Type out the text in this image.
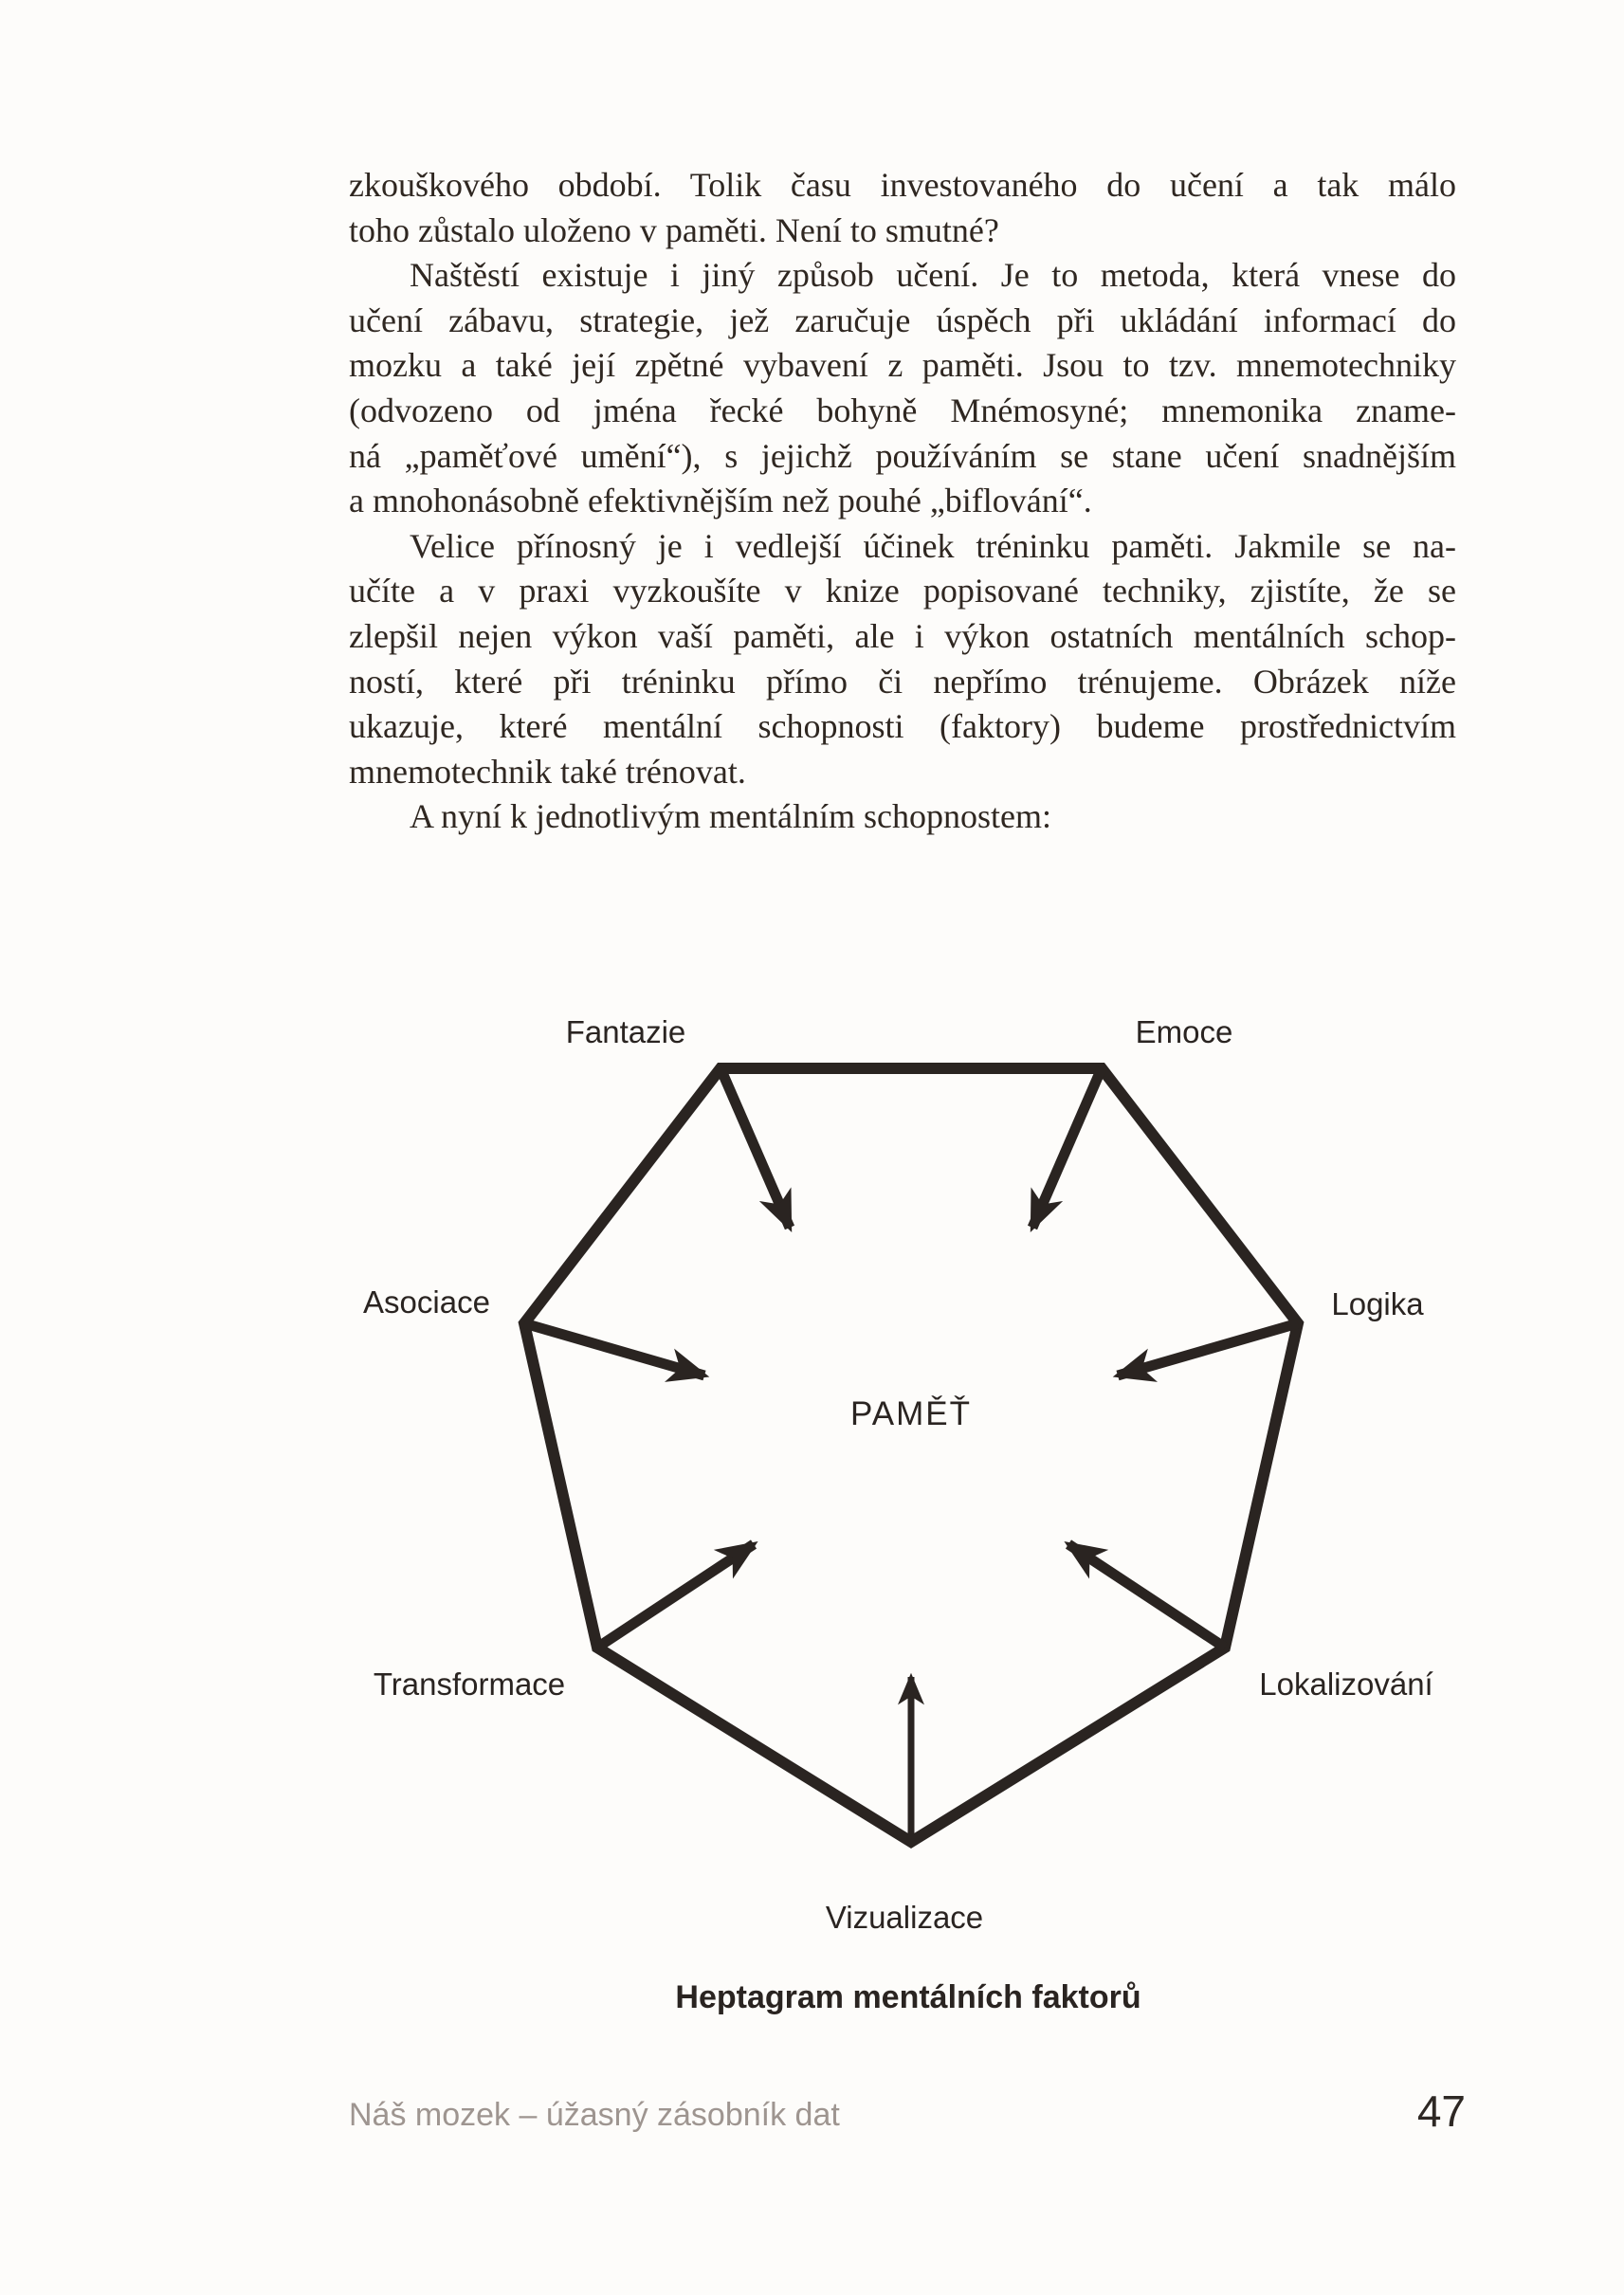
zkouškového období. Tolik času investovaného do učení a tak málo
toho zůstalo uloženo v paměti. Není to smutné?
Naštěstí existuje i jiný způsob učení. Je to metoda, která vnese do
učení zábavu, strategie, jež zaručuje úspěch při ukládání informací do
mozku a také její zpětné vybavení z paměti. Jsou to tzv. mnemotechniky
(odvozeno od jména řecké bohyně Mnémosyné; mnemonika zname-
ná „paměťové umění“), s jejichž používáním se stane učení snadnějším
a mnohonásobně efektivnějším než pouhé „biflování“.
Velice přínosný je i vedlejší účinek tréninku paměti. Jakmile se na-
učíte a v praxi vyzkoušíte v knize popisované techniky, zjistíte, že se
zlepšil nejen výkon vaší paměti, ale i výkon ostatních mentálních schop-
ností, které při tréninku přímo či nepřímo trénujeme. Obrázek níže
ukazuje, které mentální schopnosti (faktory) budeme prostřednictvím
mnemotechnik také trénovat.
A nyní k jednotlivým mentálním schopnostem:
Fantazie	Emoce
Asociace	Logika
Transformace	Lokalizování
Vizualizace
PAMĚŤ
Heptagram mentálních faktorů
Náš mozek – úžasný zásobník dat	47
